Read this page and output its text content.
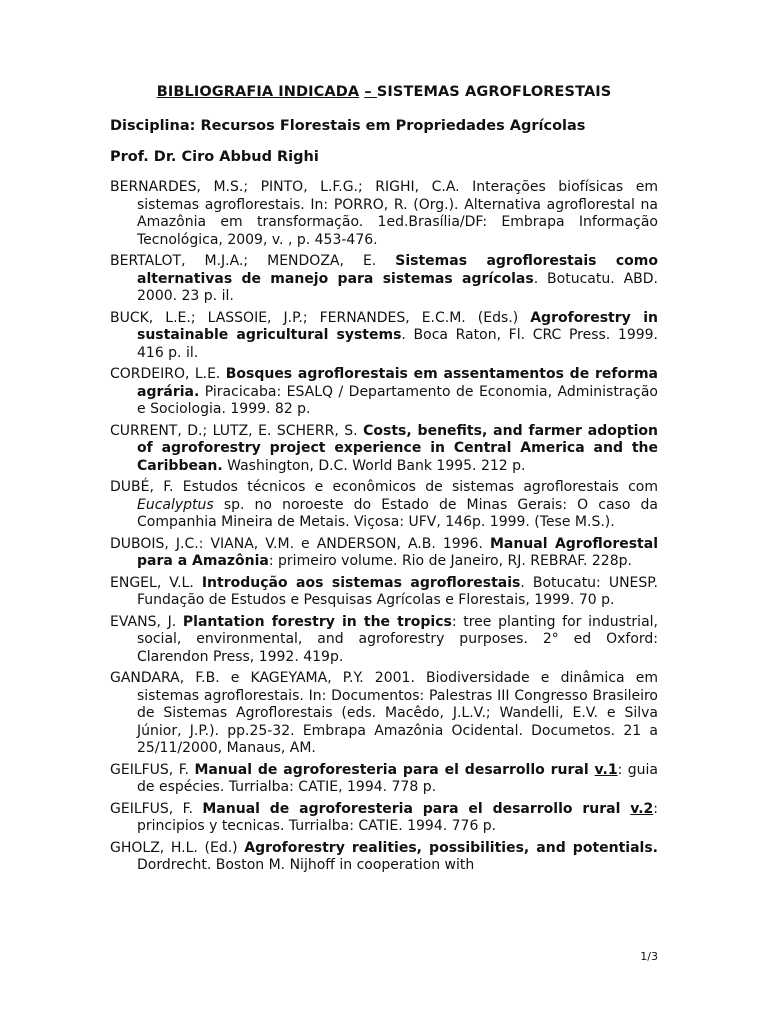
BIBLIOGRAFIA INDICADA – SISTEMAS AGROFLORESTAIS
Disciplina: Recursos Florestais em Propriedades Agrícolas
Prof. Dr. Ciro Abbud Righi

BERNARDES, M.S.; PINTO, L.F.G.; RIGHI, C.A. Interações biofísicas em sistemas agroflorestais. In: PORRO, R. (Org.). Alternativa agroflorestal na Amazônia em transformação. 1ed.Brasília/DF: Embrapa Informação Tecnológica, 2009, v. , p. 453-476.

BERTALOT, M.J.A.; MENDOZA, E. Sistemas agroflorestais como alternativas de manejo para sistemas agrícolas. Botucatu. ABD. 2000. 23 p. il.

BUCK, L.E.; LASSOIE, J.P.; FERNANDES, E.C.M. (Eds.) Agroforestry in sustainable agricultural systems. Boca Raton, Fl. CRC Press. 1999. 416 p. il.

CORDEIRO, L.E. Bosques agroflorestais em assentamentos de reforma agrária. Piracicaba: ESALQ / Departamento de Economia, Administração e Sociologia. 1999. 82 p.

CURRENT, D.; LUTZ, E. SCHERR, S. Costs, benefits, and farmer adoption of agroforestry project experience in Central America and the Caribbean. Washington, D.C. World Bank 1995. 212 p.

DUBÉ, F. Estudos técnicos e econômicos de sistemas agroflorestais com Eucalyptus sp. no noroeste do Estado de Minas Gerais: O caso da Companhia Mineira de Metais. Viçosa: UFV, 146p. 1999. (Tese M.S.).

DUBOIS, J.C.: VIANA, V.M. e ANDERSON, A.B. 1996. Manual Agroflorestal para a Amazônia: primeiro volume. Rio de Janeiro, RJ. REBRAF. 228p.

ENGEL, V.L. Introdução aos sistemas agroflorestais. Botucatu: UNESP. Fundação de Estudos e Pesquisas Agrícolas e Florestais, 1999. 70 p.

EVANS, J. Plantation forestry in the tropics: tree planting for industrial, social, environmental, and agroforestry purposes. 2° ed Oxford: Clarendon Press, 1992. 419p.

GANDARA, F.B. e KAGEYAMA, P.Y. 2001. Biodiversidade e dinâmica em sistemas agroflorestais. In: Documentos: Palestras III Congresso Brasileiro de Sistemas Agroflorestais (eds. Macêdo, J.L.V.; Wandelli, E.V. e Silva Júnior, J.P.). pp.25-32. Embrapa Amazônia Ocidental. Documetos. 21 a 25/11/2000, Manaus, AM.

GEILFUS, F. Manual de agroforesteria para el desarrollo rural v.1: guia de espécies. Turrialba: CATIE, 1994. 778 p.

GEILFUS, F. Manual de agroforesteria para el desarrollo rural v.2: principios y tecnicas. Turrialba: CATIE. 1994. 776 p.

GHOLZ, H.L. (Ed.) Agroforestry realities, possibilities, and potentials. Dordrecht. Boston M. Nijhoff in cooperation with

1/3
